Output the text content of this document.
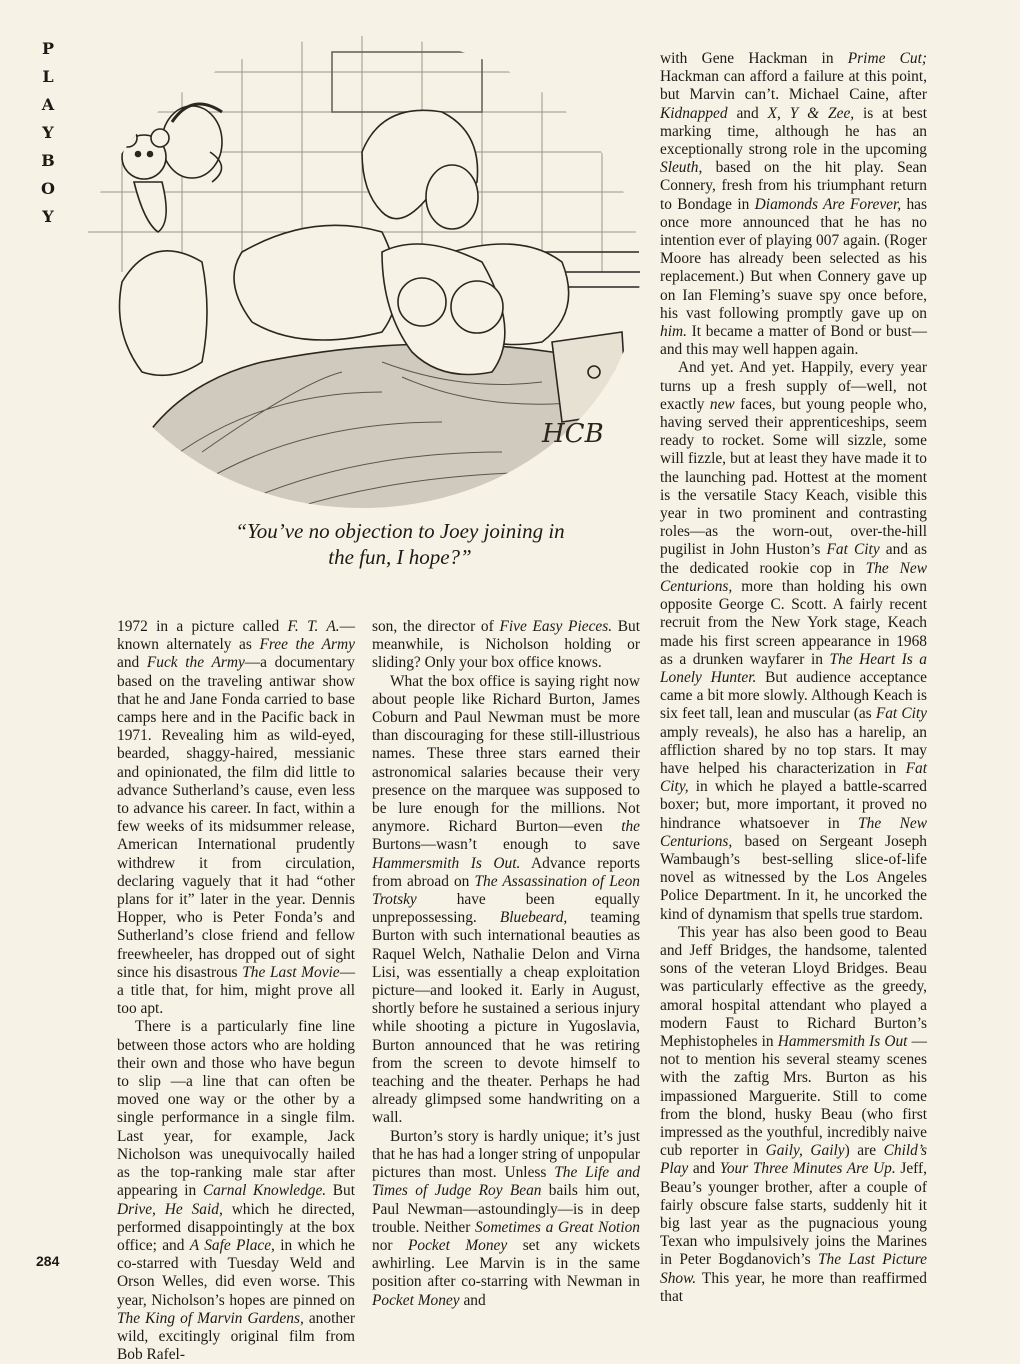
P
L
A
Y
B
O
Y
HCB
“You’ve no objection to Joey joining in
the fun, I hope?”

1972 in a picture called F. T. A.—known alternately as Free the Army and Fuck the Army—a documentary based on the traveling antiwar show that he and Jane Fonda carried to base camps here and in the Pacific back in 1971. Revealing him as wild-eyed, bearded, shaggy-haired, messianic and opinionated, the film did little to advance Sutherland’s cause, even less to advance his career. In fact, within a few weeks of its midsummer release, American International prudently withdrew it from circulation, declaring vaguely that it had “other plans for it” later in the year. Dennis Hopper, who is Peter Fonda’s and Sutherland’s close friend and fellow freewheeler, has dropped out of sight since his disastrous The Last Movie—a title that, for him, might prove all too apt.

There is a particularly fine line between those actors who are holding their own and those who have begun to slip —a line that can often be moved one way or the other by a single performance in a single film. Last year, for example, Jack Nicholson was unequivocally hailed as the top-ranking male star after appearing in Carnal Knowledge. But Drive, He Said, which he directed, performed disappointingly at the box office; and A Safe Place, in which he co-starred with Tuesday Weld and Orson Welles, did even worse. This year, Nicholson’s hopes are pinned on The King of Marvin Gardens, another wild, excitingly original film from Bob Rafel-

son, the director of Five Easy Pieces. But meanwhile, is Nicholson holding or sliding? Only your box office knows.

What the box office is saying right now about people like Richard Burton, James Coburn and Paul Newman must be more than discouraging for these still-illustrious names. These three stars earned their astronomical salaries because their very presence on the marquee was supposed to be lure enough for the millions. Not anymore. Richard Burton—even the Burtons—wasn’t enough to save Hammersmith Is Out. Advance reports from abroad on The Assassination of Leon Trotsky have been equally unprepossessing. Bluebeard, teaming Burton with such international beauties as Raquel Welch, Nathalie Delon and Virna Lisi, was essentially a cheap exploitation picture—and looked it. Early in August, shortly before he sustained a serious injury while shooting a picture in Yugoslavia, Burton announced that he was retiring from the screen to devote himself to teaching and the theater. Perhaps he had already glimpsed some handwriting on a wall.

Burton’s story is hardly unique; it’s just that he has had a longer string of unpopular pictures than most. Unless The Life and Times of Judge Roy Bean bails him out, Paul Newman—astoundingly—is in deep trouble. Neither Sometimes a Great Notion nor Pocket Money set any wickets awhirling. Lee Marvin is in the same position after co-starring with Newman in Pocket Money and

with Gene Hackman in Prime Cut; Hackman can afford a failure at this point, but Marvin can’t. Michael Caine, after Kidnapped and X, Y & Zee, is at best marking time, although he has an exceptionally strong role in the upcoming Sleuth, based on the hit play. Sean Connery, fresh from his triumphant return to Bondage in Diamonds Are Forever, has once more announced that he has no intention ever of playing 007 again. (Roger Moore has already been selected as his replacement.) But when Connery gave up on Ian Fleming’s suave spy once before, his vast following promptly gave up on him. It became a matter of Bond or bust—and this may well happen again.

And yet. And yet. Happily, every year turns up a fresh supply of—well, not exactly new faces, but young people who, having served their apprenticeships, seem ready to rocket. Some will sizzle, some will fizzle, but at least they have made it to the launching pad. Hottest at the moment is the versatile Stacy Keach, visible this year in two prominent and contrasting roles—as the worn-out, over-the-hill pugilist in John Huston’s Fat City and as the dedicated rookie cop in The New Centurions, more than holding his own opposite George C. Scott. A fairly recent recruit from the New York stage, Keach made his first screen appearance in 1968 as a drunken wayfarer in The Heart Is a Lonely Hunter. But audience acceptance came a bit more slowly. Although Keach is six feet tall, lean and muscular (as Fat City amply reveals), he also has a harelip, an affliction shared by no top stars. It may have helped his characterization in Fat City, in which he played a battle-scarred boxer; but, more important, it proved no hindrance whatsoever in The New Centurions, based on Sergeant Joseph Wambaugh’s best-selling slice-of-life novel as witnessed by the Los Angeles Police Department. In it, he uncorked the kind of dynamism that spells true stardom.

This year has also been good to Beau and Jeff Bridges, the handsome, talented sons of the veteran Lloyd Bridges. Beau was particularly effective as the greedy, amoral hospital attendant who played a modern Faust to Richard Burton’s Mephistopheles in Hammersmith Is Out —not to mention his several steamy scenes with the zaftig Mrs. Burton as his impassioned Marguerite. Still to come from the blond, husky Beau (who first impressed as the youthful, incredibly naive cub reporter in Gaily, Gaily) are Child’s Play and Your Three Minutes Are Up. Jeff, Beau’s younger brother, after a couple of fairly obscure false starts, suddenly hit it big last year as the pugnacious young Texan who impulsively joins the Marines in Peter Bogdanovich’s The Last Picture Show. This year, he more than reaffirmed that

284
